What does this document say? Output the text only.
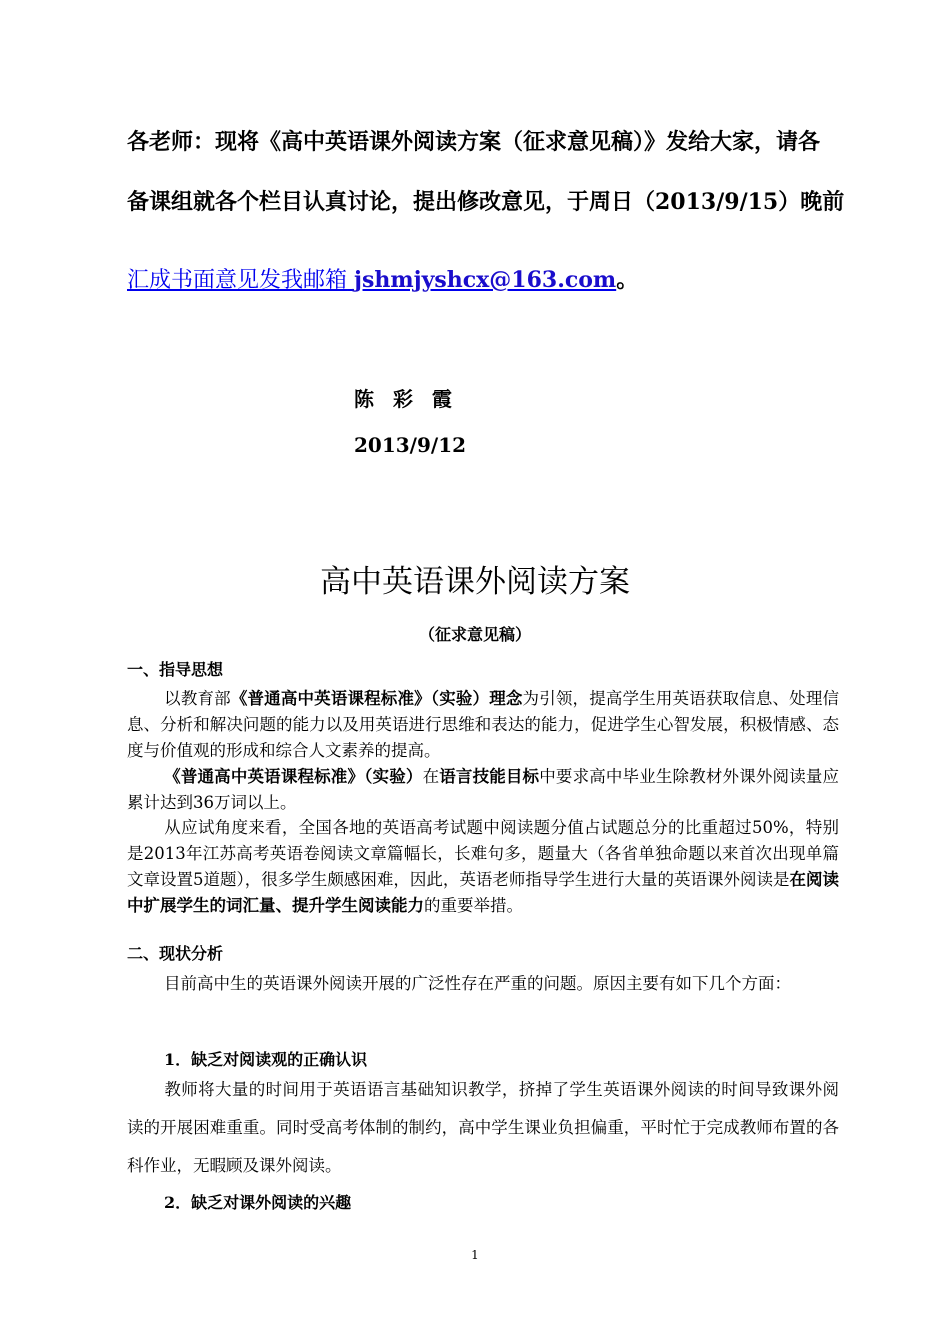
各老师：现将《高中英语课外阅读方案（征求意见稿）》发给大家，请各
备课组就各个栏目认真讨论，提出修改意见，于周日（2013/9/15）晚前
汇成书面意见发我邮箱 jshmjyshcx@163.com。
陈 彩 霞
2013/9/12
高中英语课外阅读方案
（征求意见稿）
一、指导思想
以教育部《普通高中英语课程标准》（实验）理念为引领，提高学生用英语获取信息、处理信息、分析和解决问题的能力以及用英语进行思维和表达的能力，促进学生心智发展，积极情感、态度与价值观的形成和综合人文素养的提高。
《普通高中英语课程标准》（实验）在语言技能目标中要求高中毕业生除教材外课外阅读量应累计达到36万词以上。
从应试角度来看，全国各地的英语高考试题中阅读题分值占试题总分的比重超过50%，特别是2013年江苏高考英语卷阅读文章篇幅长，长难句多，题量大（各省单独命题以来首次出现单篇文章设置5道题），很多学生颇感困难，因此，英语老师指导学生进行大量的英语课外阅读是在阅读中扩展学生的词汇量、提升学生阅读能力的重要举措。
二、现状分析
目前高中生的英语课外阅读开展的广泛性存在严重的问题。原因主要有如下几个方面：
1．缺乏对阅读观的正确认识
教师将大量的时间用于英语语言基础知识教学，挤掉了学生英语课外阅读的时间导致课外阅读的开展困难重重。同时受高考体制的制约，高中学生课业负担偏重，平时忙于完成教师布置的各科作业，无暇顾及课外阅读。
2．缺乏对课外阅读的兴趣
1
